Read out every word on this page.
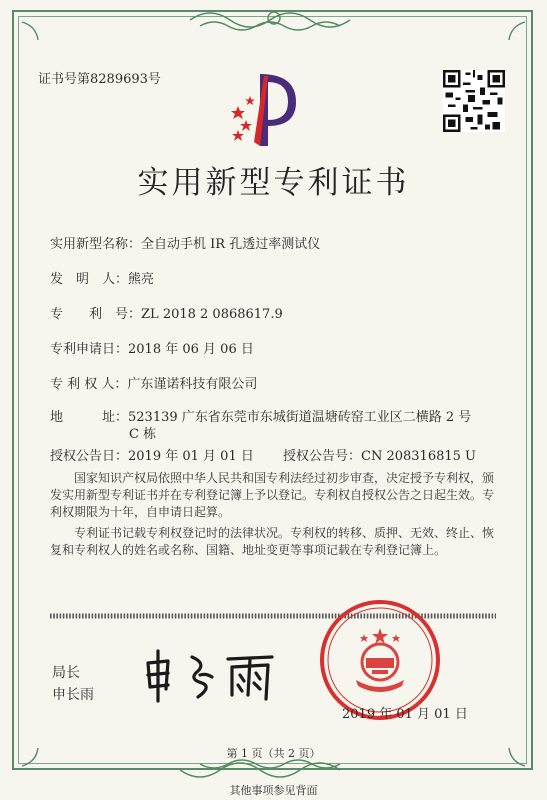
证书号第8289693号
实用新型专利证书
实用新型名称：全自动手机 IR 孔透过率测试仪
发　明　人：熊亮
专　　利　号：ZL 2018 2 0868617.9
专利申请日：2018 年 06 月 06 日
专 利 权 人：广东谨诺科技有限公司
地　　　址：523139 广东省东莞市东城街道温塘砖窑工业区二横路 2 号
C 栋
授权公告日：2019 年 01 月 01 日 授权公告号：CN 208316815 U
国家知识产权局依照中华人民共和国专利法经过初步审查，决定授予专利权，颁发实用新型专利证书并在专利登记簿上予以登记。专利权自授权公告之日起生效。专利权期限为十年，自申请日起算。
专利证书记载专利权登记时的法律状况。专利权的转移、质押、无效、终止、恢复和专利权人的姓名或名称、国籍、地址变更等事项记载在专利登记簿上。
局长
申长雨
2019 年 01 月 01 日
第 1 页（共 2 页）
其他事项参见背面
